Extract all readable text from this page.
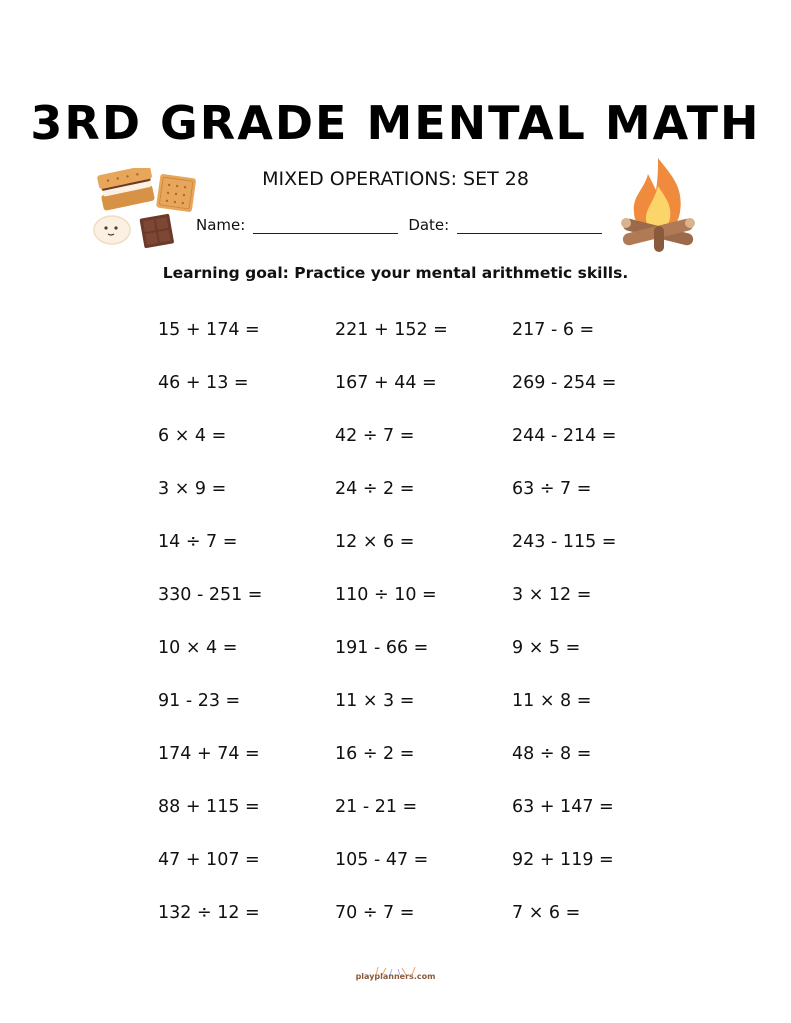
3RD GRADE MENTAL MATH
MIXED OPERATIONS: SET 28
Name:	Date:
Learning goal: Practice your mental arithmetic skills.
15 + 174 =	221 + 152 =	217 - 6 =
46 + 13 =	167 + 44 =	269 - 254 =
6 × 4 =	42 ÷ 7 =	244 - 214 =
3 × 9 =	24 ÷ 2 =	63 ÷ 7 =
14 ÷ 7 =	12 × 6 =	243 - 115 =
330 - 251 =	110 ÷ 10 =	3 × 12 =
10 × 4 =	191 - 66 =	9 × 5 =
91 - 23 =	11 × 3 =	11 × 8 =
174 + 74 =	16 ÷ 2 =	48 ÷ 8 =
88 + 115 =	21 - 21 =	63 + 147 =
47 + 107 =	105 - 47 =	92 + 119 =
132 ÷ 12 =	70 ÷ 7 =	7 × 6 =
playplanners.com
